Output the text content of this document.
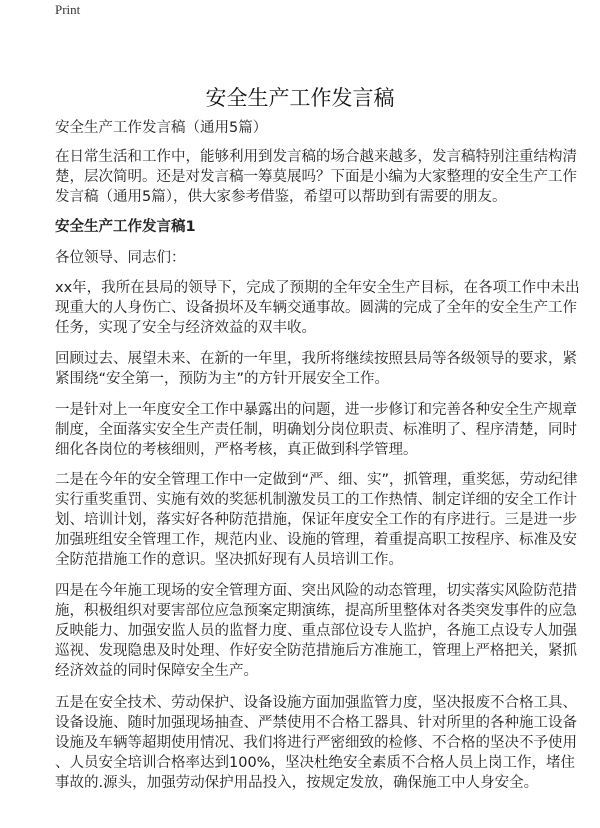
Print
安全生产工作发言稿
安全生产工作发言稿（通用5篇）
在日常生活和工作中，能够利用到发言稿的场合越来越多，发言稿特别注重结构清
楚，层次简明。还是对发言稿一筹莫展吗？下面是小编为大家整理的安全生产工作
发言稿（通用5篇），供大家参考借鉴，希望可以帮助到有需要的朋友。
安全生产工作发言稿1
各位领导、同志们：
xx年，我所在县局的领导下，完成了预期的全年安全生产目标，在各项工作中未出
现重大的人身伤亡、设备损坏及车辆交通事故。圆满的完成了全年的安全生产工作
任务，实现了安全与经济效益的双丰收。
回顾过去、展望未来、在新的一年里，我所将继续按照县局等各级领导的要求，紧
紧围绕“安全第一，预防为主”的方针开展安全工作。
一是针对上一年度安全工作中暴露出的问题，进一步修订和完善各种安全生产规章
制度，全面落实安全生产责任制，明确划分岗位职责、标准明了、程序清楚，同时
细化各岗位的考核细则，严格考核，真正做到科学管理。
二是在今年的安全管理工作中一定做到“严、细、实”，抓管理，重奖惩，劳动纪律
实行重奖重罚、实施有效的奖惩机制激发员工的工作热情、制定详细的安全工作计
划、培训计划，落实好各种防范措施，保证年度安全工作的有序进行。三是进一步
加强班组安全管理工作，规范内业、设施的管理，着重提高职工按程序、标准及安
全防范措施工作的意识。坚决抓好现有人员培训工作。
四是在今年施工现场的安全管理方面、突出风险的动态管理，切实落实风险防范措
施，积极组织对要害部位应急预案定期演练，提高所里整体对各类突发事件的应急
反映能力、加强安监人员的监督力度、重点部位设专人监护，各施工点设专人加强
巡视、发现隐患及时处理、作好安全防范措施后方准施工，管理上严格把关，紧抓
经济效益的同时保障安全生产。
五是在安全技术、劳动保护、设备设施方面加强监管力度，坚决报废不合格工具、
设备设施、随时加强现场抽查、严禁使用不合格工器具、针对所里的各种施工设备
设施及车辆等超期使用情况、我们将进行严密细致的检修、不合格的坚决不予使用
、人员安全培训合格率达到100%，坚决杜绝安全素质不合格人员上岗工作，堵住
事故的.源头，加强劳动保护用品投入，按规定发放，确保施工中人身安全。
